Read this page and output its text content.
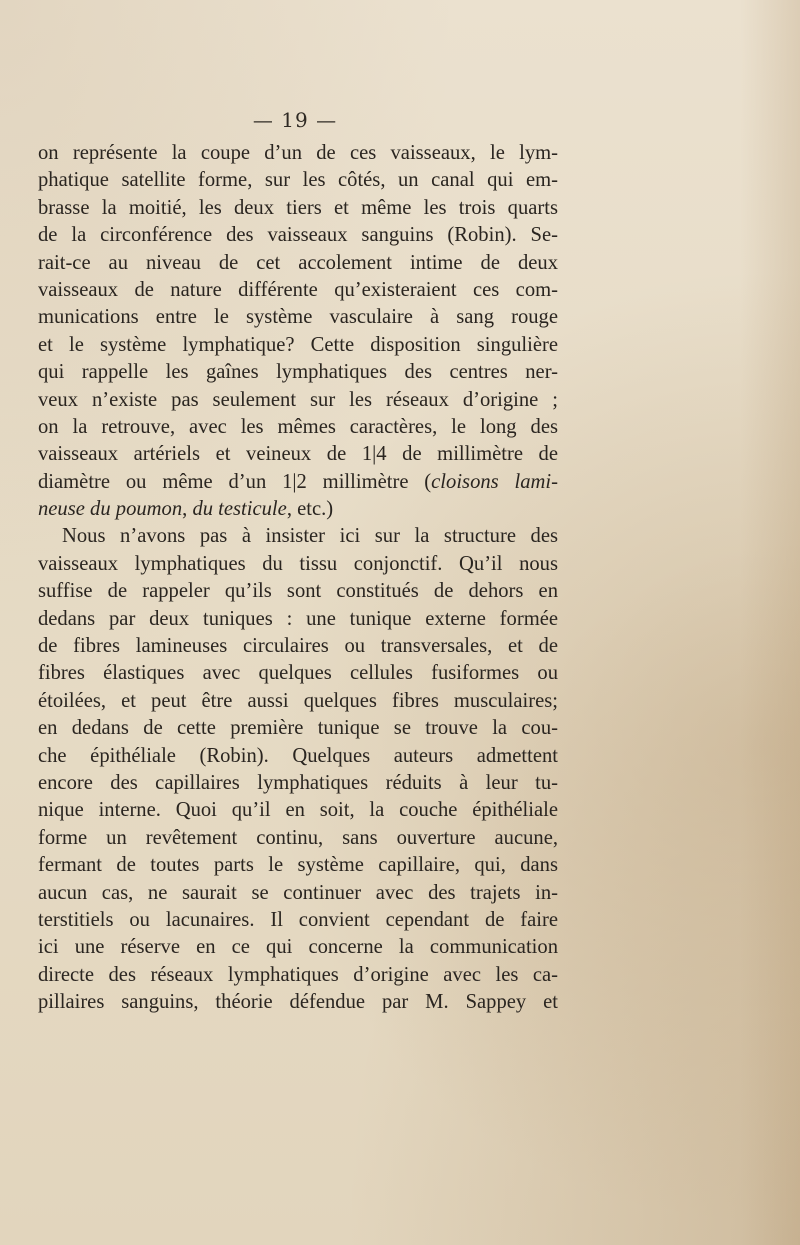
— 19 —
on représente la coupe d’un de ces vaisseaux, le lym-
phatique satellite forme, sur les côtés, un canal qui em-
brasse la moitié, les deux tiers et même les trois quarts
de la circonférence des vaisseaux sanguins (Robin). Se-
rait-ce au niveau de cet accolement intime de deux
vaisseaux de nature différente qu’existeraient ces com-
munications entre le système vasculaire à sang rouge
et le système lymphatique? Cette disposition singulière
qui rappelle les gaînes lymphatiques des centres ner-
veux n’existe pas seulement sur les réseaux d’origine ;
on la retrouve, avec les mêmes caractères, le long des
vaisseaux artériels et veineux de 1|4 de millimètre de
diamètre ou même d’un 1|2 millimètre (cloisons lami-
neuse du poumon, du testicule, etc.)
Nous n’avons pas à insister ici sur la structure des
vaisseaux lymphatiques du tissu conjonctif. Qu’il nous
suffise de rappeler qu’ils sont constitués de dehors en
dedans par deux tuniques : une tunique externe formée
de fibres lamineuses circulaires ou transversales, et de
fibres élastiques avec quelques cellules fusiformes ou
étoilées, et peut être aussi quelques fibres musculaires;
en dedans de cette première tunique se trouve la cou-
che épithéliale (Robin). Quelques auteurs admettent
encore des capillaires lymphatiques réduits à leur tu-
nique interne. Quoi qu’il en soit, la couche épithéliale
forme un revêtement continu, sans ouverture aucune,
fermant de toutes parts le système capillaire, qui, dans
aucun cas, ne saurait se continuer avec des trajets in-
terstitiels ou lacunaires. Il convient cependant de faire
ici une réserve en ce qui concerne la communication
directe des réseaux lymphatiques d’origine avec les ca-
pillaires sanguins, théorie défendue par M. Sappey et
